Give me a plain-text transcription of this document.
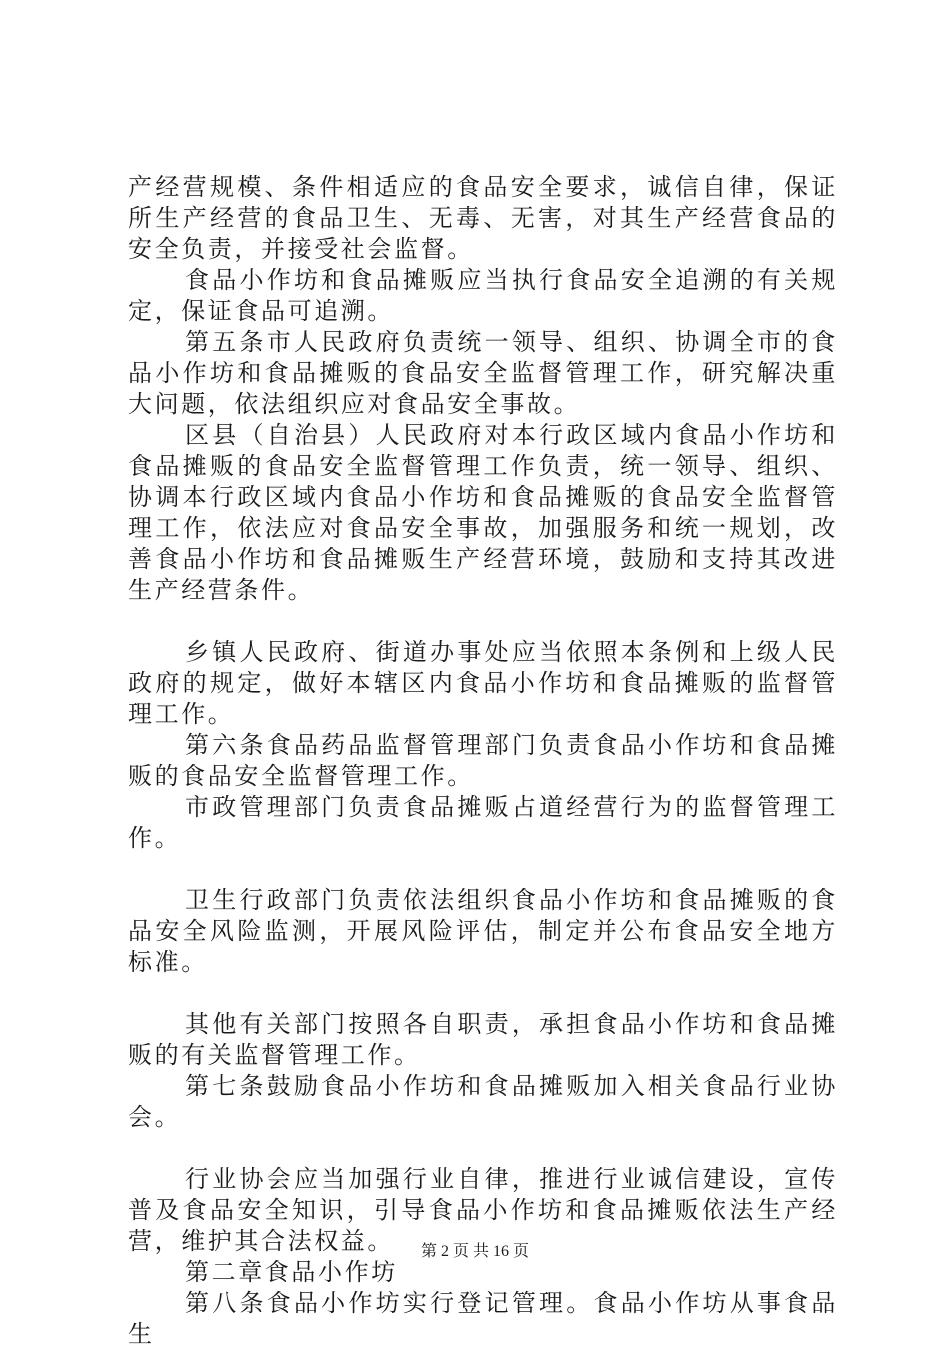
产经营规模、条件相适应的食品安全要求，诚信自律，保证所生产经营的食品卫生、无毒、无害，对其生产经营食品的安全负责，并接受社会监督。

食品小作坊和食品摊贩应当执行食品安全追溯的有关规定，保证食品可追溯。

第五条市人民政府负责统一领导、组织、协调全市的食品小作坊和食品摊贩的食品安全监督管理工作，研究解决重大问题，依法组织应对食品安全事故。

区县（自治县）人民政府对本行政区域内食品小作坊和食品摊贩的食品安全监督管理工作负责，统一领导、组织、协调本行政区域内食品小作坊和食品摊贩的食品安全监督管理工作，依法应对食品安全事故，加强服务和统一规划，改善食品小作坊和食品摊贩生产经营环境，鼓励和支持其改进生产经营条件。

乡镇人民政府、街道办事处应当依照本条例和上级人民政府的规定，做好本辖区内食品小作坊和食品摊贩的监督管理工作。

第六条食品药品监督管理部门负责食品小作坊和食品摊贩的食品安全监督管理工作。

市政管理部门负责食品摊贩占道经营行为的监督管理工作。

卫生行政部门负责依法组织食品小作坊和食品摊贩的食品安全风险监测，开展风险评估，制定并公布食品安全地方标准。

其他有关部门按照各自职责，承担食品小作坊和食品摊贩的有关监督管理工作。

第七条鼓励食品小作坊和食品摊贩加入相关食品行业协会。

行业协会应当加强行业自律，推进行业诚信建设，宣传普及食品安全知识，引导食品小作坊和食品摊贩依法生产经营，维护其合法权益。

第二章食品小作坊

第八条食品小作坊实行登记管理。食品小作坊从事食品生

第 2 页 共 16 页
